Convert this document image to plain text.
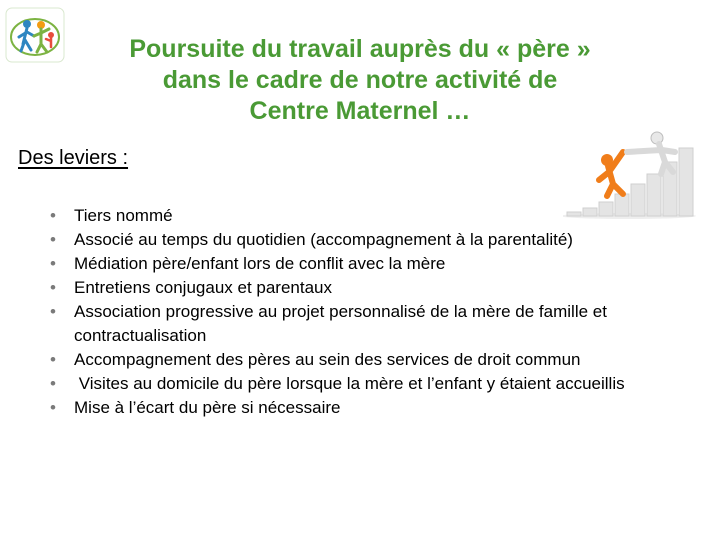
Poursuite du travail auprès du « père »
dans le cadre de notre activité de
Centre Maternel …
Des leviers :
• Tiers nommé
• Associé au temps du quotidien (accompagnement à la parentalité)
• Médiation père/enfant lors de conflit avec la mère
• Entretiens conjugaux et parentaux
• Association progressive au projet personnalisé de la mère de famille et contractualisation
• Accompagnement des pères au sein des services de droit commun
•  Visites au domicile du père lorsque la mère et l’enfant y étaient accueillis
• Mise à l’écart du père si nécessaire
